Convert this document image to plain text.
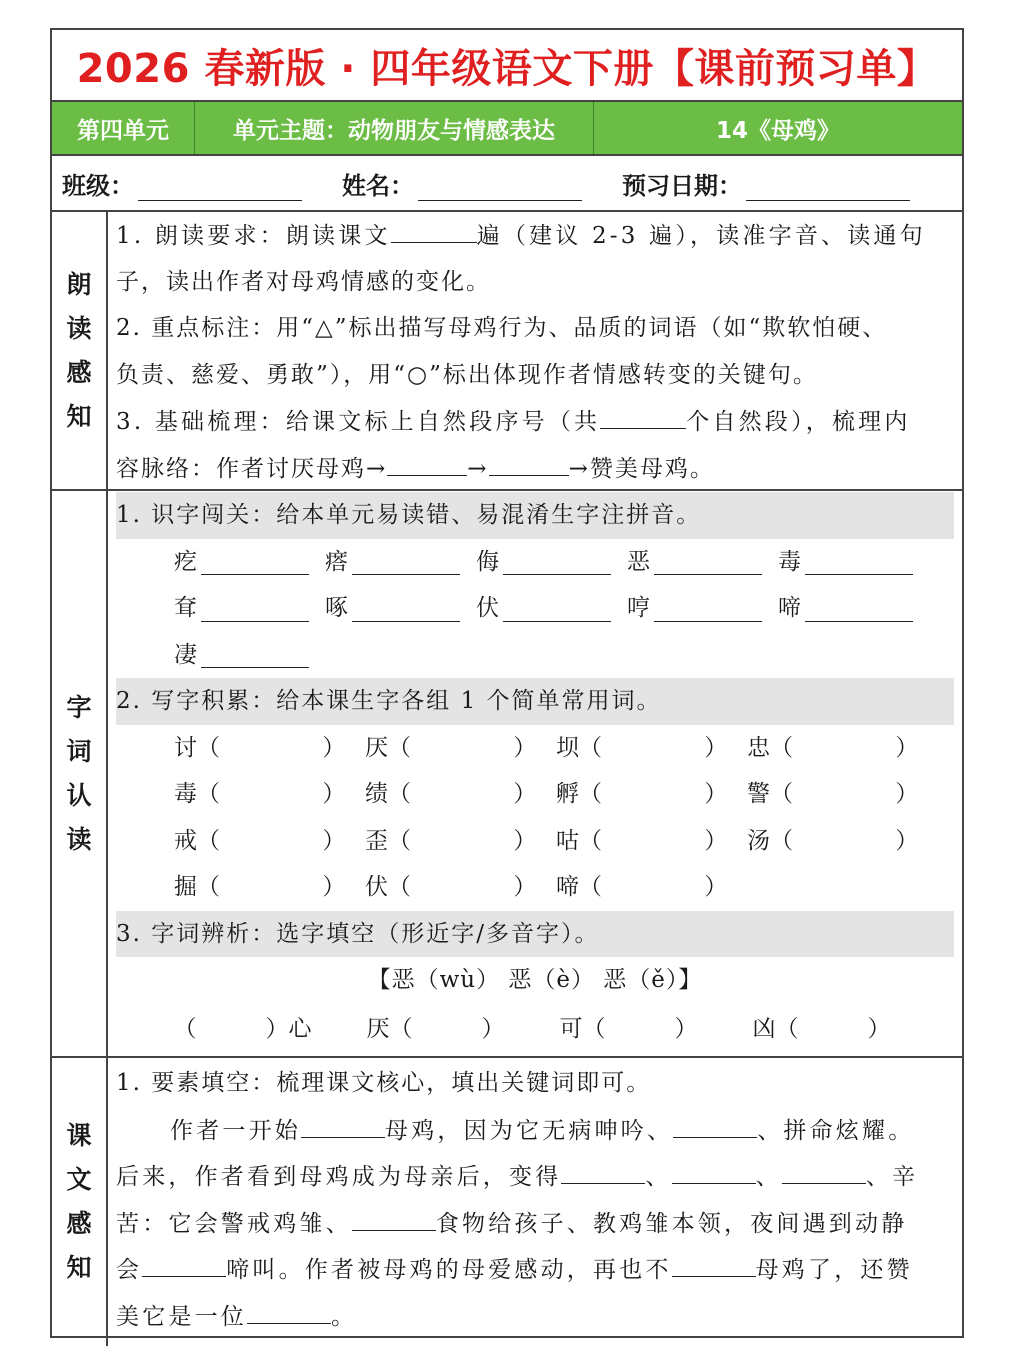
2026 春新版 · 四年级语文下册【课前预习单】
第四单元	单元主题：动物朋友与情感表达	14《母鸡》
班级：	姓名：	预习日期：
朗
读
感
知
1. 朗读要求：朗读课文	遍（建议 2-3 遍），读准字音、读通句
子，读出作者对母鸡情感的变化。
2. 重点标注：用“△”标出描写母鸡行为、品质的词语（如“欺软怕硬、
负责、慈爱、勇敢”），用“○”标出体现作者情感转变的关键句。
3. 基础梳理：给课文标上自然段序号（共	个自然段），梳理内
容脉络：作者讨厌母鸡→	→	→赞美母鸡。
字
词
认
读
1. 识字闯关：给本单元易读错、易混淆生字注拼音。
疙	瘩	侮	恶	毒
耷	啄	伏	哼	啼
凄
2. 写字积累：给本课生字各组 1 个简单常用词。
讨（	） 厌（	） 坝（	） 忠（	）
毒（	） 绩（	） 孵（	） 警（	）
戒（	） 歪（	） 咕（	） 汤（	）
掘（	） 伏（	） 啼（	）
3. 字词辨析：选字填空（形近字/多音字）。
【恶（wù） 恶（è） 恶（ě）】
（　　　）心 厌（　　　） 可（　　　） 凶（　　　）
课
文
感
知
1. 要素填空：梳理课文核心，填出关键词即可。
作者一开始	母鸡，因为它无病呻吟、	、拼命炫耀。
后来，作者看到母鸡成为母亲后，变得	、	、	、辛
苦：它会警戒鸡雏、	食物给孩子、教鸡雏本领，夜间遇到动静
会	啼叫。作者被母鸡的母爱感动，再也不	母鸡了，还赞
美它是一位	。
